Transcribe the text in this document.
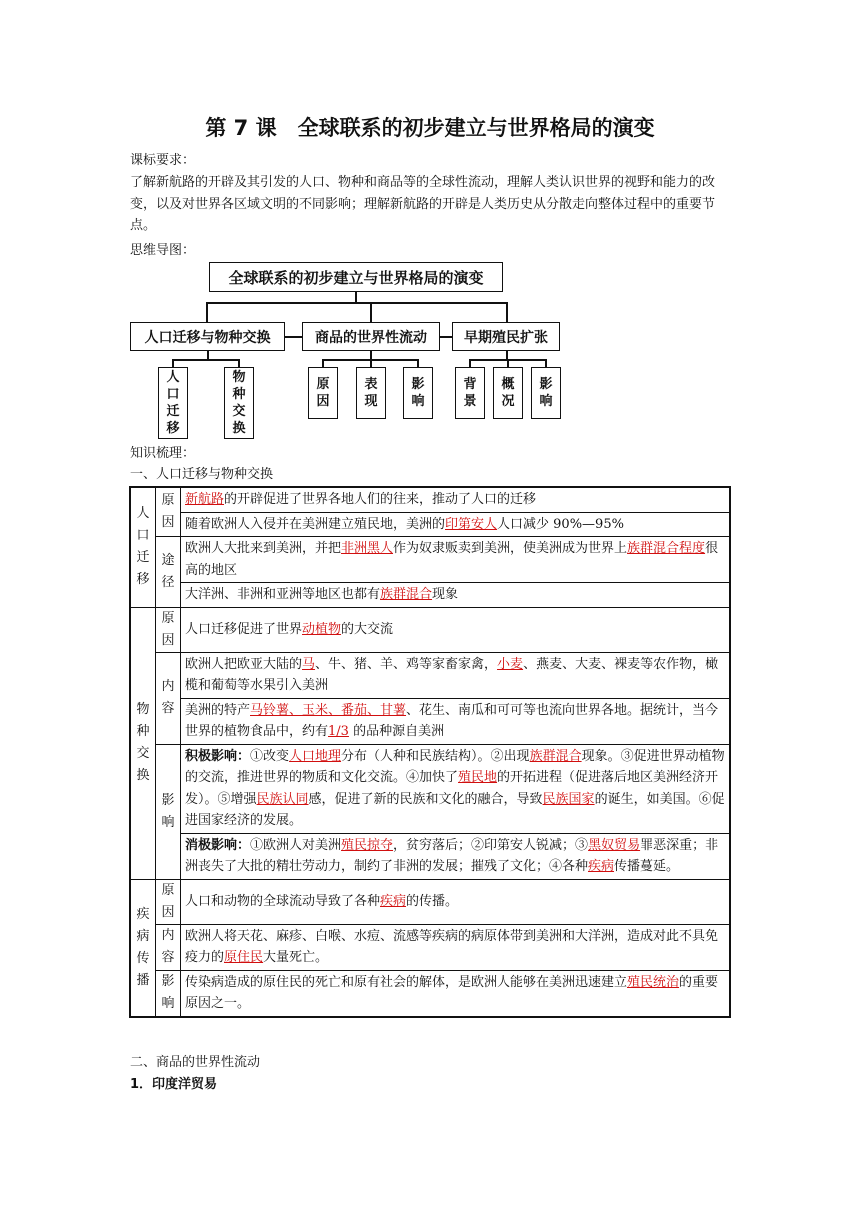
第 7 课　全球联系的初步建立与世界格局的演变
课标要求：
了解新航路的开辟及其引发的人口、物种和商品等的全球性流动，理解人类认识世界的视野和能力的改变，以及对世界各区域文明的不同影响；理解新航路的开辟是人类历史从分散走向整体过程中的重要节点。
思维导图：
全球联系的初步建立与世界格局的演变
人口迁移与物种交换	商品的世界性流动	早期殖民扩张
人口迁移
物种交换
原因
表现
影响
背景
概况
影响
知识梳理：
一、人口迁移与物种交换
人口迁移	原因	新航路的开辟促进了世界各地人们的往来，推动了人口的迁移
		随着欧洲人入侵并在美洲建立殖民地，美洲的印第安人人口减少 90%—95%

	途径	欧洲人大批来到美洲，并把非洲黑人作为奴隶贩卖到美洲，使美洲成为世界上族群混合程度很高的地区
		大洋洲、非洲和亚洲等地区也都有族群混合现象

物种交换	原因	人口迁移促进了世界动植物的大交流

	内容	欧洲人把欧亚大陆的马、牛、猪、羊、鸡等家畜家禽，小麦、燕麦、大麦、裸麦等农作物，橄榄和葡萄等水果引入美洲
		美洲的特产马铃薯、玉米、番茄、甘薯、花生、南瓜和可可等也流向世界各地。据统计，当今世界的植物食品中，约有1/3 的品种源自美洲

	影响	积极影响：①改变人口地理分布（人种和民族结构）。②出现族群混合现象。③促进世界动植物的交流，推进世界的物质和文化交流。④加快了殖民地的开拓进程（促进落后地区美洲经济开发）。⑤增强民族认同感，促进了新的民族和文化的融合，导致民族国家的诞生，如美国。⑥促进国家经济的发展。
		消极影响：①欧洲人对美洲殖民掠夺，贫穷落后；②印第安人锐减；③黑奴贸易罪恶深重；非洲丧失了大批的精壮劳动力，制约了非洲的发展；摧残了文化；④各种疾病传播蔓延。

疾病传播	原因	人口和动物的全球流动导致了各种疾病的传播。

	内容	欧洲人将天花、麻疹、白喉、水痘、流感等疾病的病原体带到美洲和大洋洲，造成对此不具免疫力的原住民大量死亡。

	影响	传染病造成的原住民的死亡和原有社会的解体，是欧洲人能够在美洲迅速建立殖民统治的重要原因之一。
二、商品的世界性流动
1．印度洋贸易
